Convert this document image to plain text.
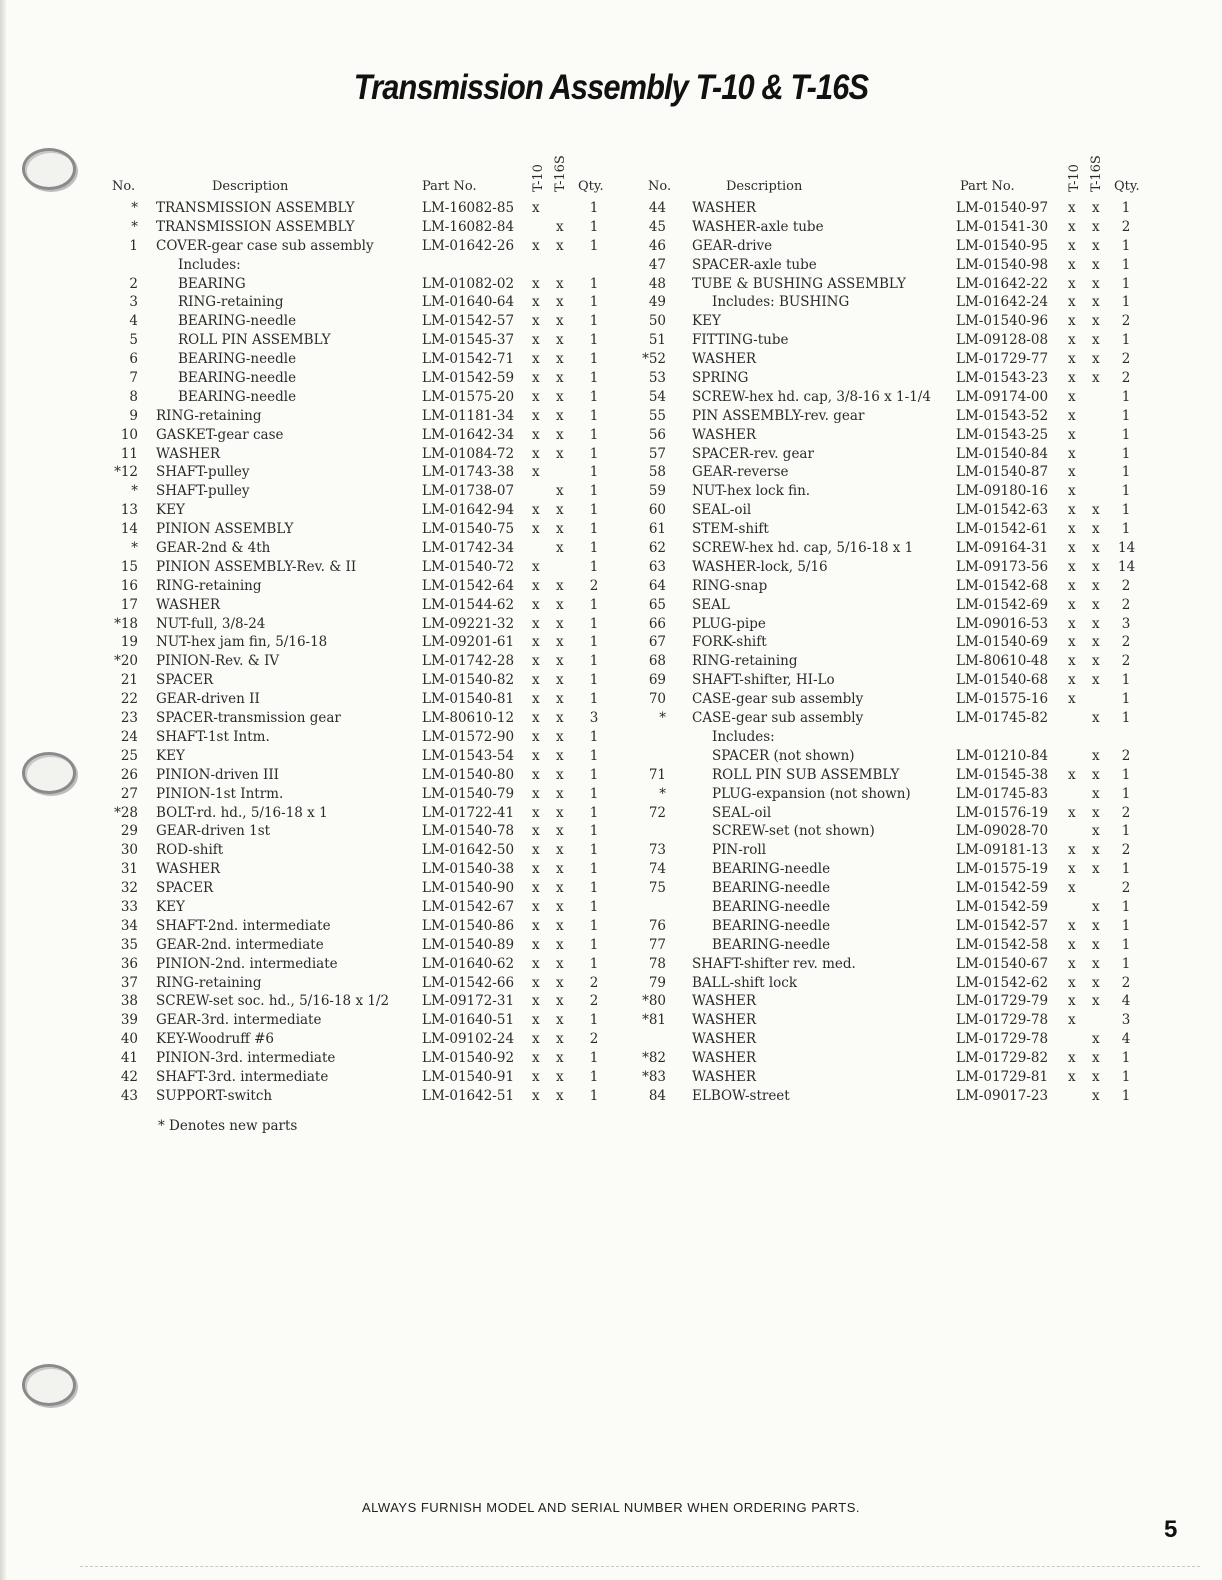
Transmission Assembly T-10 & T-16S
No.	Description	Part No.	T-10 T-16S Qty.
* TRANSMISSION ASSEMBLY	LM-16082-85 x	1
* TRANSMISSION ASSEMBLY	LM-16082-84	x 1
1 COVER-gear case sub assembly	LM-01642-26 x x 1
Includes:
2	BEARING	LM-01082-02 x x 1
3	RING-retaining	LM-01640-64 x x 1
4	BEARING-needle	LM-01542-57 x x 1
5	ROLL PIN ASSEMBLY	LM-01545-37 x x 1
6	BEARING-needle	LM-01542-71 x x 1
7	BEARING-needle	LM-01542-59 x x 1
8	BEARING-needle	LM-01575-20 x x 1
9 RING-retaining	LM-01181-34 x x 1
10 GASKET-gear case	LM-01642-34 x x 1
11 WASHER	LM-01084-72 x x 1
*12 SHAFT-pulley	LM-01743-38 x	1
* SHAFT-pulley	LM-01738-07	x 1
13 KEY	LM-01642-94 x x 1
14 PINION ASSEMBLY	LM-01540-75 x x 1
* GEAR-2nd & 4th	LM-01742-34	x 1
15 PINION ASSEMBLY-Rev. & II	LM-01540-72 x	1
16 RING-retaining	LM-01542-64 x x 2
17 WASHER	LM-01544-62 x x 1
*18 NUT-full, 3/8-24	LM-09221-32 x x 1
19 NUT-hex jam fin, 5/16-18	LM-09201-61 x x 1
*20 PINION-Rev. & IV	LM-01742-28 x x 1
21 SPACER	LM-01540-82 x x 1
22 GEAR-driven II	LM-01540-81 x x 1
23 SPACER-transmission gear	LM-80610-12 x x 3
24 SHAFT-1st Intm.	LM-01572-90 x x 1
25 KEY	LM-01543-54 x x 1
26 PINION-driven III	LM-01540-80 x x 1
27 PINION-1st Intrm.	LM-01540-79 x x 1
*28 BOLT-rd. hd., 5/16-18 x 1	LM-01722-41 x x 1
29 GEAR-driven 1st	LM-01540-78 x x 1
30 ROD-shift	LM-01642-50 x x 1
31 WASHER	LM-01540-38 x x 1
32 SPACER	LM-01540-90 x x 1
33 KEY	LM-01542-67 x x 1
34 SHAFT-2nd. intermediate	LM-01540-86 x x 1
35 GEAR-2nd. intermediate	LM-01540-89 x x 1
36 PINION-2nd. intermediate	LM-01640-62 x x 1
37 RING-retaining	LM-01542-66 x x 2
38 SCREW-set soc. hd., 5/16-18 x 1/2 LM-09172-31 x x 2
39 GEAR-3rd. intermediate	LM-01640-51 x x 1
40 KEY-Woodruff #6	LM-09102-24 x x 2
41 PINION-3rd. intermediate	LM-01540-92 x x 1
42 SHAFT-3rd. intermediate	LM-01540-91 x x 1
43 SUPPORT-switch	LM-01642-51 x x 1
No.	Description	Part No.	T-10 T-16S Qty.
44 WASHER	LM-01540-97 x x 1
45 WASHER-axle tube	LM-01541-30 x x 2
46 GEAR-drive	LM-01540-95 x x 1
47 SPACER-axle tube	LM-01540-98 x x 1
48 TUBE & BUSHING ASSEMBLY	LM-01642-22 x x 1
49	Includes: BUSHING	LM-01642-24 x x 1
50 KEY	LM-01540-96 x x 2
51 FITTING-tube	LM-09128-08 x x 1
*52 WASHER	LM-01729-77 x x 2
53 SPRING	LM-01543-23 x x 2
54 SCREW-hex hd. cap, 3/8-16 x 1-1/4 LM-09174-00 x	1
55 PIN ASSEMBLY-rev. gear	LM-01543-52 x	1
56 WASHER	LM-01543-25 x	1
57 SPACER-rev. gear	LM-01540-84 x	1
58 GEAR-reverse	LM-01540-87 x	1
59 NUT-hex lock fin.	LM-09180-16 x	1
60 SEAL-oil	LM-01542-63 x x 1
61 STEM-shift	LM-01542-61 x x 1
62 SCREW-hex hd. cap, 5/16-18 x 1	LM-09164-31 x x 14
63 WASHER-lock, 5/16	LM-09173-56 x x 14
64 RING-snap	LM-01542-68 x x 2
65 SEAL	LM-01542-69 x x 2
66 PLUG-pipe	LM-09016-53 x x 3
67 FORK-shift	LM-01540-69 x x 2
68 RING-retaining	LM-80610-48 x x 2
69 SHAFT-shifter, HI-Lo	LM-01540-68 x x 1
70 CASE-gear sub assembly	LM-01575-16 x	1
* CASE-gear sub assembly	LM-01745-82	x 1
Includes:
SPACER (not shown)	LM-01210-84	x 2
71	ROLL PIN SUB ASSEMBLY	LM-01545-38 x x 1
*	PLUG-expansion (not shown)	LM-01745-83	x 1
72	SEAL-oil	LM-01576-19 x x 2
SCREW-set (not shown)	LM-09028-70	x 1
73	PIN-roll	LM-09181-13 x x 2
74	BEARING-needle	LM-01575-19 x x 1
75	BEARING-needle	LM-01542-59 x	2
BEARING-needle	LM-01542-59	x 1
76	BEARING-needle	LM-01542-57 x x 1
77	BEARING-needle	LM-01542-58 x x 1
78 SHAFT-shifter rev. med.	LM-01540-67 x x 1
79 BALL-shift lock	LM-01542-62 x x 2
*80 WASHER	LM-01729-79 x x 4
*81 WASHER	LM-01729-78 x	3
WASHER	LM-01729-78	x 4
*82 WASHER	LM-01729-82 x x 1
*83 WASHER	LM-01729-81 x x 1
84 ELBOW-street	LM-09017-23	x 1
* Denotes new parts
ALWAYS FURNISH MODEL AND SERIAL NUMBER WHEN ORDERING PARTS.
5
